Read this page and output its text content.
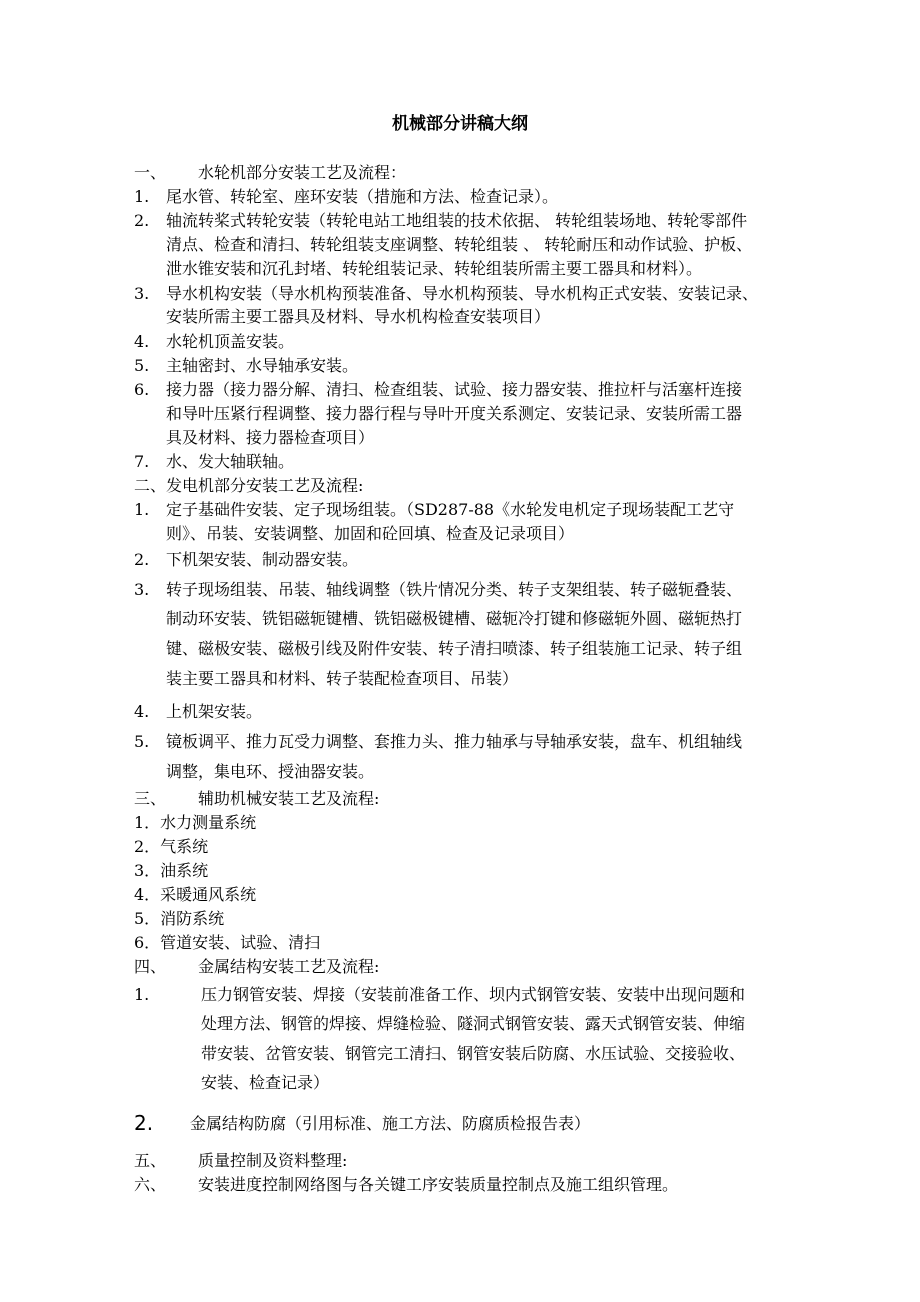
机械部分讲稿大纲
一、 水轮机部分安装工艺及流程：
1. 尾水管、转轮室、座环安装（措施和方法、检查记录）。
2. 轴流转桨式转轮安装（转轮电站工地组装的技术依据、 转轮组装场地、转轮零部件
清点、检查和清扫、转轮组装支座调整、转轮组装 、 转轮耐压和动作试验、护板、
泄水锥安装和沉孔封堵、转轮组装记录、转轮组装所需主要工器具和材料）。
3. 导水机构安装（导水机构预装准备、导水机构预装、导水机构正式安装、安装记录、
安装所需主要工器具及材料、导水机构检查安装项目）
4. 水轮机顶盖安装。
5. 主轴密封、水导轴承安装。
6. 接力器（接力器分解、清扫、检查组装、试验、接力器安装、推拉杆与活塞杆连接
和导叶压紧行程调整、接力器行程与导叶开度关系测定、安装记录、安装所需工器
具及材料、接力器检查项目）
7. 水、发大轴联轴。
二、发电机部分安装工艺及流程:
1. 定子基础件安装、定子现场组装。（SD287-88《水轮发电机定子现场装配工艺守
则》、吊装、安装调整、加固和砼回填、检查及记录项目）
2. 下机架安装、制动器安装。
3. 转子现场组装、吊装、轴线调整（铁片情况分类、转子支架组装、转子磁轭叠装、
制动环安装、铣铝磁轭键槽、铣铝磁极键槽、磁轭冷打键和修磁轭外圆、磁轭热打
键、磁极安装、磁极引线及附件安装、转子清扫喷漆、转子组装施工记录、转子组
装主要工器具和材料、转子装配检查项目、吊装）
4. 上机架安装。
5. 镜板调平、推力瓦受力调整、套推力头、推力轴承与导轴承安装，盘车、机组轴线
调整，集电环、授油器安装。
三、 辅助机械安装工艺及流程:
1．水力测量系统
2．气系统
3．油系统
4．采暖通风系统
5．消防系统
6．管道安装、试验、清扫
四、 金属结构安装工艺及流程:
1.	压力钢管安装、焊接（安装前准备工作、坝内式钢管安装、安装中出现问题和
处理方法、钢管的焊接、焊缝检验、隧洞式钢管安装、露天式钢管安装、伸缩
带安装、岔管安装、钢管完工清扫、钢管安装后防腐、水压试验、交接验收、
安装、检查记录）
2. 金属结构防腐（引用标准、施工方法、防腐质检报告表）
五、 质量控制及资料整理:
六、 安装进度控制网络图与各关键工序安装质量控制点及施工组织管理。
